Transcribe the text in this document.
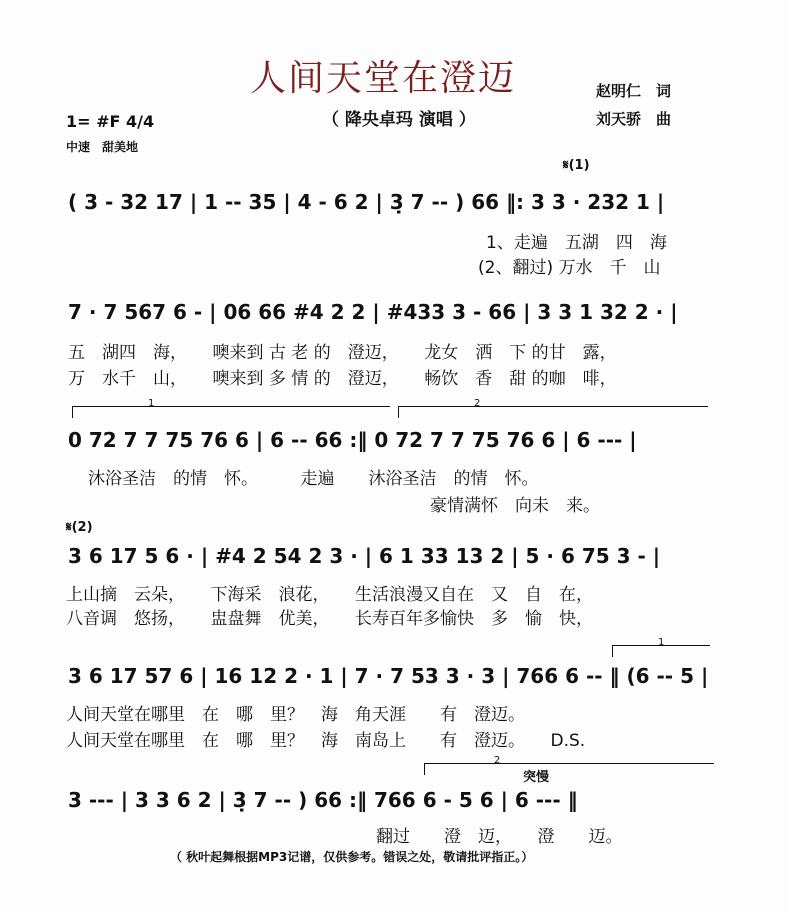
人间天堂在澄迈
（ 降央卓玛 演唱 ）
赵明仁　词
刘天骄　曲
1= #F 4/4
中速　甜美地
𝄋(1)
( 3 - 32 17 | 1 -- 35 | 4 - 6 2 | 3̣ 7 -- ) 66 ‖: 3 3 · 232 1 |
1、走遍　五湖　四　海
(2、翻过) 万水　千　山
7 · 7 567 6 - | 06 66 #4 2 2 | #433 3 - 66 | 3 3 1 32 2 · |
五　湖四　海，　　噢来到 古 老 的　澄迈，　　龙女　洒　下 的甘　露，
万　水千　山，　　噢来到 多 情 的　澄迈，　　畅饮　香　甜 的咖　啡，
1	2
0 72 7 7 75 76 6 | 6 -- 66 :‖ 0 72 7 7 75 76 6 | 6 --- |
沐浴圣洁　的情　怀。　　　走遍　　沐浴圣洁　的情　怀。
豪情满怀　向未　来。
𝄋(2)
3 6 17 5 6 · | #4 2 54 2 3 · | 6 1 33 13 2 | 5 · 6 75 3 - |
上山摘　云朵，　　下海采　浪花，　　生活浪漫又自在　又　自　在，
八音调　悠扬，　　盅盘舞　优美，　　长寿百年多愉快　多　愉　快，
1
3 6 17 57 6 | 16 12 2 · 1 | 7 · 7 53 3 · 3 | 766 6 -- ‖ (6 -- 5 |
人间天堂在哪里　在　哪　里？　海　角天涯　　有　澄迈。
人间天堂在哪里　在　哪　里？　海　南岛上　　有　澄迈。　　D.S.
2
突慢
3 --- | 3 3 6 2 | 3̣ 7 -- ) 66 :‖ 766 6 - 5 6 | 6 --- ‖
翻过　　澄　迈，　　澄　　迈。
（ 秋叶起舞根据MP3记谱，仅供参考。错误之处，敬请批评指正。）
